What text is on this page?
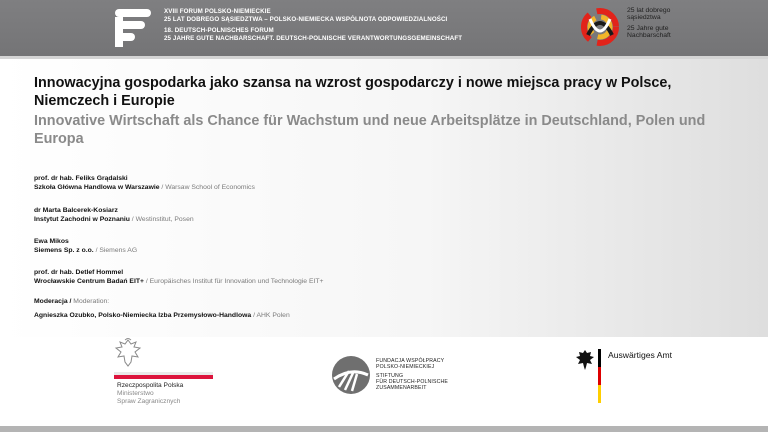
XVIII FORUM POLSKO-NIEMIECKIE
25 LAT DOBREGO SĄSIEDZTWA – POLSKO-NIEMIECKA WSPÓLNOTA ODPOWIEDZIALNOŚCI
18. DEUTSCH-POLNISCHES FORUM
25 JAHRE GUTE NACHBARSCHAFT. DEUTSCH-POLNISCHE VERANTWORTUNGSGEMEINSCHAFT
25 lat dobrego
sąsiedztwa
25 Jahre gute
Nachbarschaft
Innowacyjna gospodarka jako szansa na wzrost gospodarczy i nowe miejsca pracy w Polsce, Niemczech i Europie
Innovative Wirtschaft als Chance für Wachstum und neue Arbeitsplätze in Deutschland, Polen und Europa
prof. dr hab. Feliks Grądalski
Szkoła Główna Handlowa w Warszawie / Warsaw School of Economics
dr Marta Balcerek-Kosiarz
Instytut Zachodni w Poznaniu / Westinstitut, Posen
Ewa Mikos
Siemens Sp. z o.o. / Siemens AG
prof. dr hab. Detlef Hommel
Wrocławskie Centrum Badań EIT+ / Europäisches Institut für Innovation und Technologie EIT+
Moderacja / Moderation:
Agnieszka Ozubko, Polsko-Niemiecka Izba Przemysłowo-Handlowa / AHK Polen
Rzeczpospolita Polska
Ministerstwo
Spraw Zagranicznych
FUNDACJA WSPÓŁPRACY
POLSKO-NIEMIECKIEJ
STIFTUNG
FÜR DEUTSCH-POLNISCHE
ZUSAMMENARBEIT
Auswärtiges Amt
